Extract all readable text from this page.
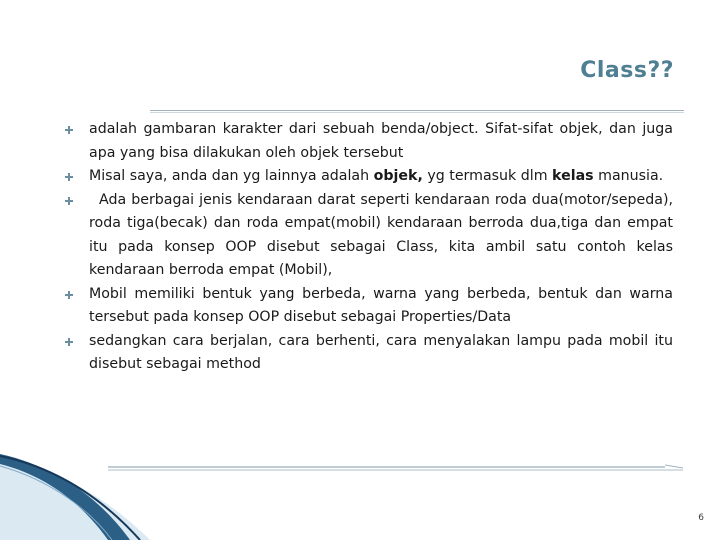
Class??
adalah gambaran karakter dari sebuah benda/object. Sifat-sifat objek, dan juga apa yang bisa dilakukan oleh objek tersebut
Misal saya, anda dan yg lainnya adalah objek, yg termasuk dlm kelas manusia.
Ada berbagai jenis kendaraan darat seperti kendaraan roda dua(motor/sepeda), roda tiga(becak) dan roda empat(mobil) kendaraan berroda dua,tiga dan empat itu pada konsep OOP disebut sebagai Class, kita ambil satu contoh kelas kendaraan berroda empat (Mobil),
Mobil memiliki bentuk yang berbeda, warna yang berbeda, bentuk dan warna tersebut pada konsep OOP disebut sebagai Properties/Data
sedangkan cara berjalan, cara berhenti, cara menyalakan lampu pada mobil itu disebut sebagai method
6
